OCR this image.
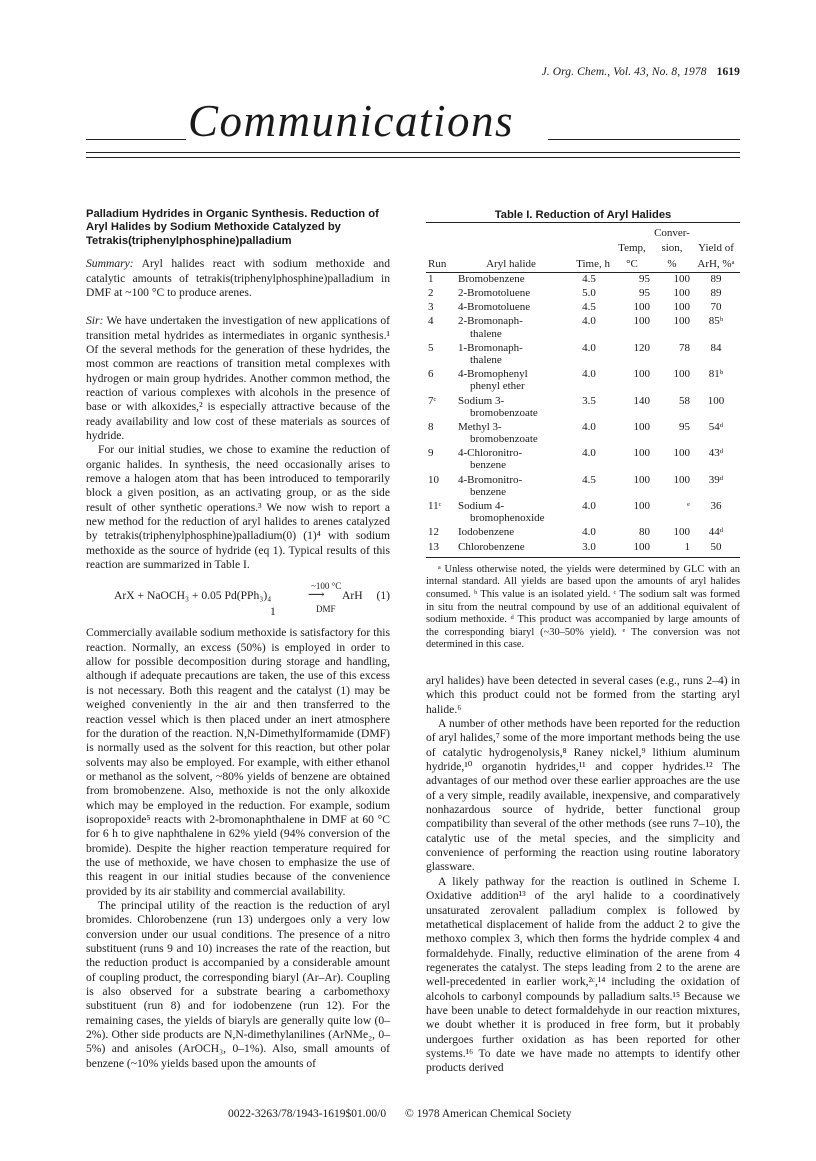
J. Org. Chem., Vol. 43, No. 8, 1978 1619
Communications

Palladium Hydrides in Organic Synthesis. Reduction of Aryl Halides by Sodium Methoxide Catalyzed by Tetrakis(triphenylphosphine)palladium

Summary: Aryl halides react with sodium methoxide and catalytic amounts of tetrakis(triphenylphosphine)palladium in DMF at ~100 °C to produce arenes.

Sir: We have undertaken the investigation of new applications of transition metal hydrides as intermediates in organic synthesis.¹ Of the several methods for the generation of these hydrides, the most common are reactions of transition metal complexes with hydrogen or main group hydrides. Another common method, the reaction of various complexes with alcohols in the presence of base or with alkoxides,² is especially attractive because of the ready availability and low cost of these materials as sources of hydride.

For our initial studies, we chose to examine the reduction of organic halides. In synthesis, the need occasionally arises to remove a halogen atom that has been introduced to temporarily block a given position, as an activating group, or as the side result of other synthetic operations.³ We now wish to report a new method for the reduction of aryl halides to arenes catalyzed by tetrakis(triphenylphosphine)palladium(0) (1)⁴ with sodium methoxide as the source of hydride (eq 1). Typical results of this reaction are summarized in Table I.

ArX + NaOCH₃ + 0.05 Pd(PPh₃)₄
~100 °C
⟶
DMF
ArH (1)
1

Commercially available sodium methoxide is satisfactory for this reaction. Normally, an excess (50%) is employed in order to allow for possible decomposition during storage and handling, although if adequate precautions are taken, the use of this excess is not necessary. Both this reagent and the catalyst (1) may be weighed conveniently in the air and then transferred to the reaction vessel which is then placed under an inert atmosphere for the duration of the reaction. N,N-Dimethylformamide (DMF) is normally used as the solvent for this reaction, but other polar solvents may also be employed. For example, with either ethanol or methanol as the solvent, ~80% yields of benzene are obtained from bromobenzene. Also, methoxide is not the only alkoxide which may be employed in the reduction. For example, sodium isopropoxide⁵ reacts with 2-bromonaphthalene in DMF at 60 °C for 6 h to give naphthalene in 62% yield (94% conversion of the bromide). Despite the higher reaction temperature required for the use of methoxide, we have chosen to emphasize the use of this reagent in our initial studies because of the convenience provided by its air stability and commercial availability.

The principal utility of the reaction is the reduction of aryl bromides. Chlorobenzene (run 13) undergoes only a very low conversion under our usual conditions. The presence of a nitro substituent (runs 9 and 10) increases the rate of the reaction, but the reduction product is accompanied by a considerable amount of coupling product, the corresponding biaryl (Ar–Ar). Coupling is also observed for a substrate bearing a carbomethoxy substituent (run 8) and for iodobenzene (run 12). For the remaining cases, the yields of biaryls are generally quite low (0–2%). Other side products are N,N-dimethylanilines (ArNMe₂, 0–5%) and anisoles (ArOCH₃, 0–1%). Also, small amounts of benzene (~10% yields based upon the amounts of

Table I. Reduction of Aryl Halides

				Conver-	
			Temp,	sion,	Yield of
Run	Aryl halide	Time, h	°C	%	ArH, %ᵃ
1	Bromobenzene	4.5	95	100	89
2	2-Bromotoluene	5.0	95	100	89
3	4-Bromotoluene	4.5	100	100	70
4	2-Bromonaph-
thalene	4.0	100	100	85ᵇ
5	1-Bromonaph-
thalene	4.0	120	78	84
6	4-Bromophenyl
phenyl ether	4.0	100	100	81ᵇ
7ᶜ	Sodium 3-
bromobenzoate	3.5	140	58	100
8	Methyl 3-
bromobenzoate	4.0	100	95	54ᵈ
9	4-Chloronitro-
benzene	4.0	100	100	43ᵈ
10	4-Bromonitro-
benzene	4.5	100	100	39ᵈ
11ᶜ	Sodium 4-
bromophenoxide	4.0	100	ᵉ	36
12	Iodobenzene	4.0	80	100	44ᵈ
13	Chlorobenzene	3.0	100	1	50

ᵃ Unless otherwise noted, the yields were determined by GLC with an internal standard. All yields are based upon the amounts of aryl halides consumed. ᵇ This value is an isolated yield. ᶜ The sodium salt was formed in situ from the neutral compound by use of an additional equivalent of sodium methoxide. ᵈ This product was accompanied by large amounts of the corresponding biaryl (~30–50% yield). ᵉ The conversion was not determined in this case.

aryl halides) have been detected in several cases (e.g., runs 2–4) in which this product could not be formed from the starting aryl halide.⁶

A number of other methods have been reported for the reduction of aryl halides,⁷ some of the more important methods being the use of catalytic hydrogenolysis,⁸ Raney nickel,⁹ lithium aluminum hydride,¹⁰ organotin hydrides,¹¹ and copper hydrides.¹² The advantages of our method over these earlier approaches are the use of a very simple, readily available, inexpensive, and comparatively nonhazardous source of hydride, better functional group compatibility than several of the other methods (see runs 7–10), the catalytic use of the metal species, and the simplicity and convenience of performing the reaction using routine laboratory glassware.

A likely pathway for the reaction is outlined in Scheme I. Oxidative addition¹³ of the aryl halide to a coordinatively unsaturated zerovalent palladium complex is followed by metathetical displacement of halide from the adduct 2 to give the methoxo complex 3, which then forms the hydride complex 4 and formaldehyde. Finally, reductive elimination of the arene from 4 regenerates the catalyst. The steps leading from 2 to the arene are well-precedented in earlier work,²ᶜ,¹⁴ including the oxidation of alcohols to carbonyl compounds by palladium salts.¹⁵ Because we have been unable to detect formaldehyde in our reaction mixtures, we doubt whether it is produced in free form, but it probably undergoes further oxidation as has been reported for other systems.¹⁶ To date we have made no attempts to identify other products derived

0022-3263/78/1943-1619$01.00/0 © 1978 American Chemical Society
